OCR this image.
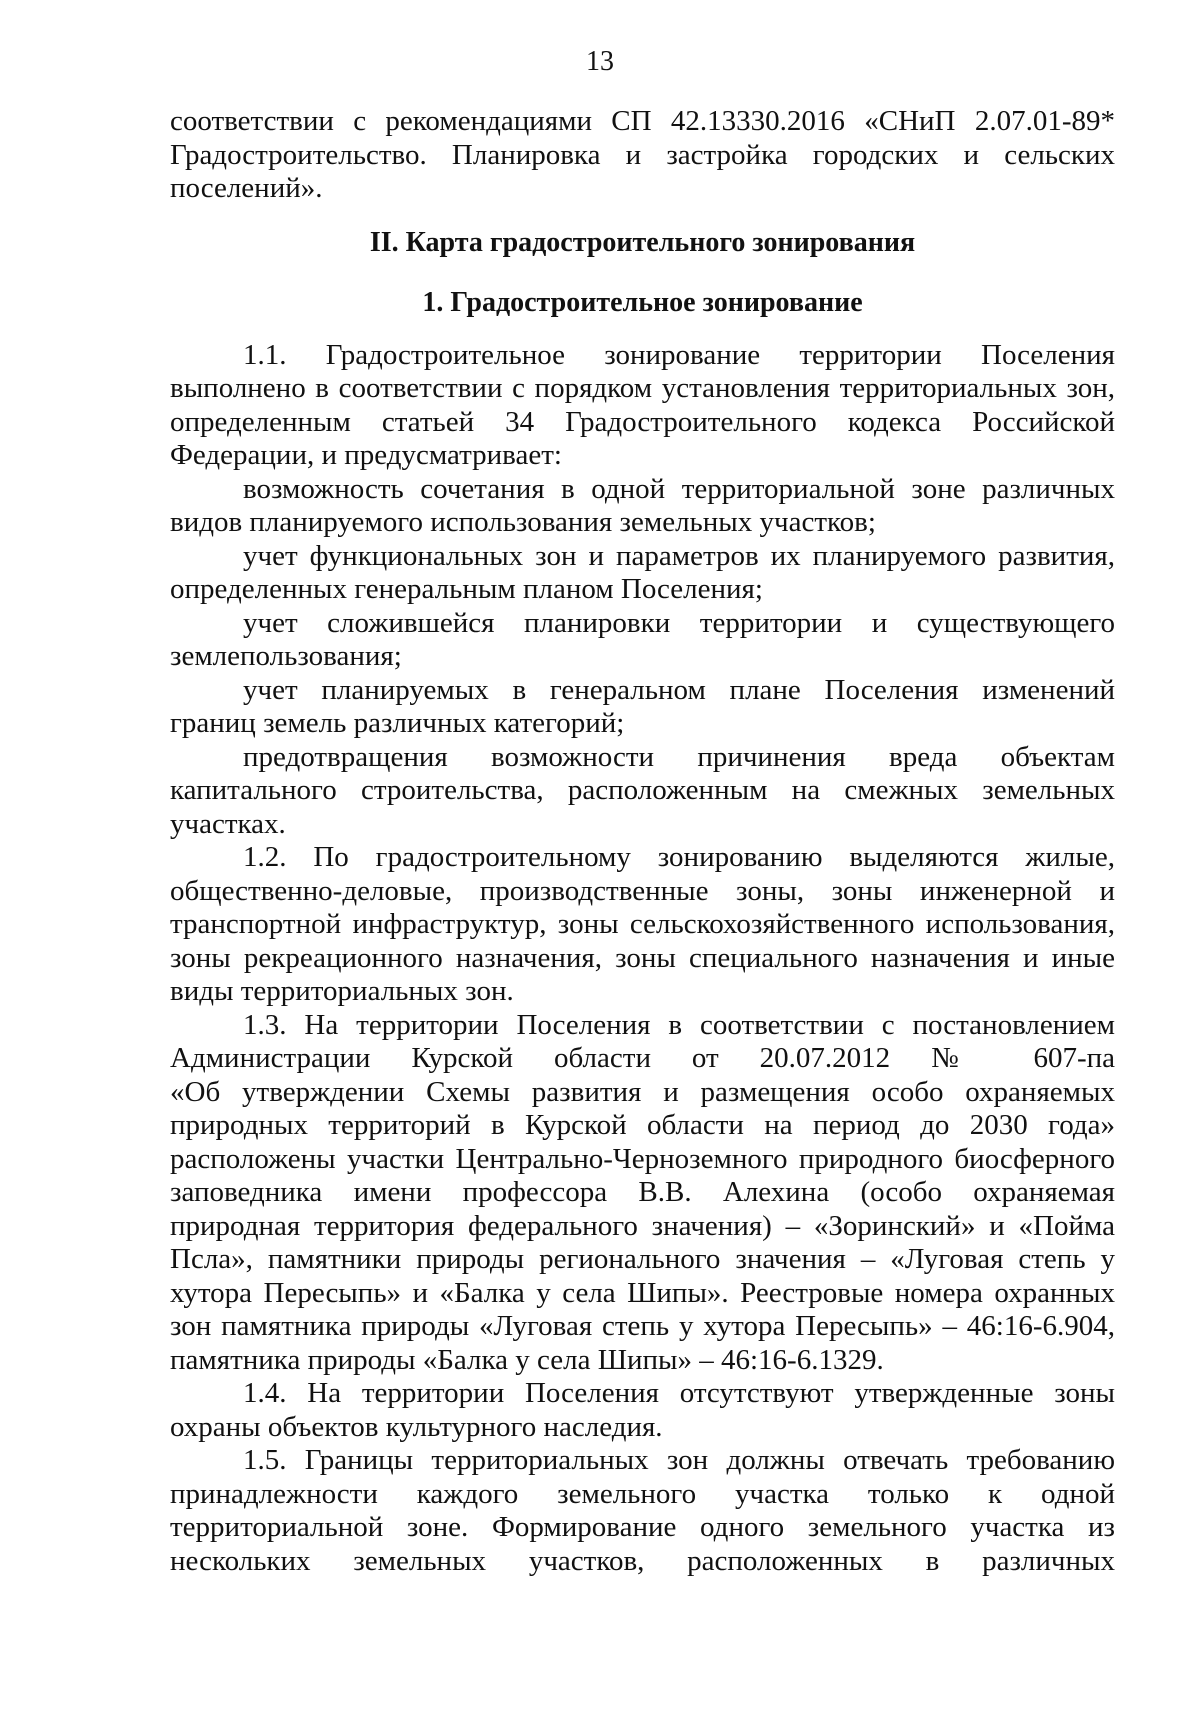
13
соответствии с рекомендациями СП 42.13330.2016 «СНиП 2.07.01-89*
Градостроительство. Планировка и застройка городских и сельских
поселений».
II. Карта градостроительного зонирования
1. Градостроительное зонирование
1.1. Градостроительное зонирование территории Поселения
выполнено в соответствии с порядком установления территориальных зон,
определенным статьей 34 Градостроительного кодекса Российской
Федерации, и предусматривает:
возможность сочетания в одной территориальной зоне различных
видов планируемого использования земельных участков;
учет функциональных зон и параметров их планируемого развития,
определенных генеральным планом Поселения;
учет сложившейся планировки территории и существующего
землепользования;
учет планируемых в генеральном плане Поселения изменений
границ земель различных категорий;
предотвращения возможности причинения вреда объектам
капитального строительства, расположенным на смежных земельных
участках.
1.2. По градостроительному зонированию выделяются жилые,
общественно-деловые, производственные зоны, зоны инженерной и
транспортной инфраструктур, зоны сельскохозяйственного использования,
зоны рекреационного назначения, зоны специального назначения и иные
виды территориальных зон.
1.3. На территории Поселения в соответствии с постановлением
Администрации Курской области от 20.07.2012 № 607-па
«Об утверждении Схемы развития и размещения особо охраняемых
природных территорий в Курской области на период до 2030 года»
расположены участки Центрально-Черноземного природного биосферного
заповедника имени профессора В.В. Алехина (особо охраняемая
природная территория федерального значения) – «Зоринский» и «Пойма
Псла», памятники природы регионального значения – «Луговая степь у
хутора Пересыпь» и «Балка у села Шипы». Реестровые номера охранных
зон памятника природы «Луговая степь у хутора Пересыпь» – 46:16-6.904,
памятника природы «Балка у села Шипы» – 46:16-6.1329.
1.4. На территории Поселения отсутствуют утвержденные зоны
охраны объектов культурного наследия.
1.5. Границы территориальных зон должны отвечать требованию
принадлежности каждого земельного участка только к одной
территориальной зоне. Формирование одного земельного участка из
нескольких земельных участков, расположенных в различных
